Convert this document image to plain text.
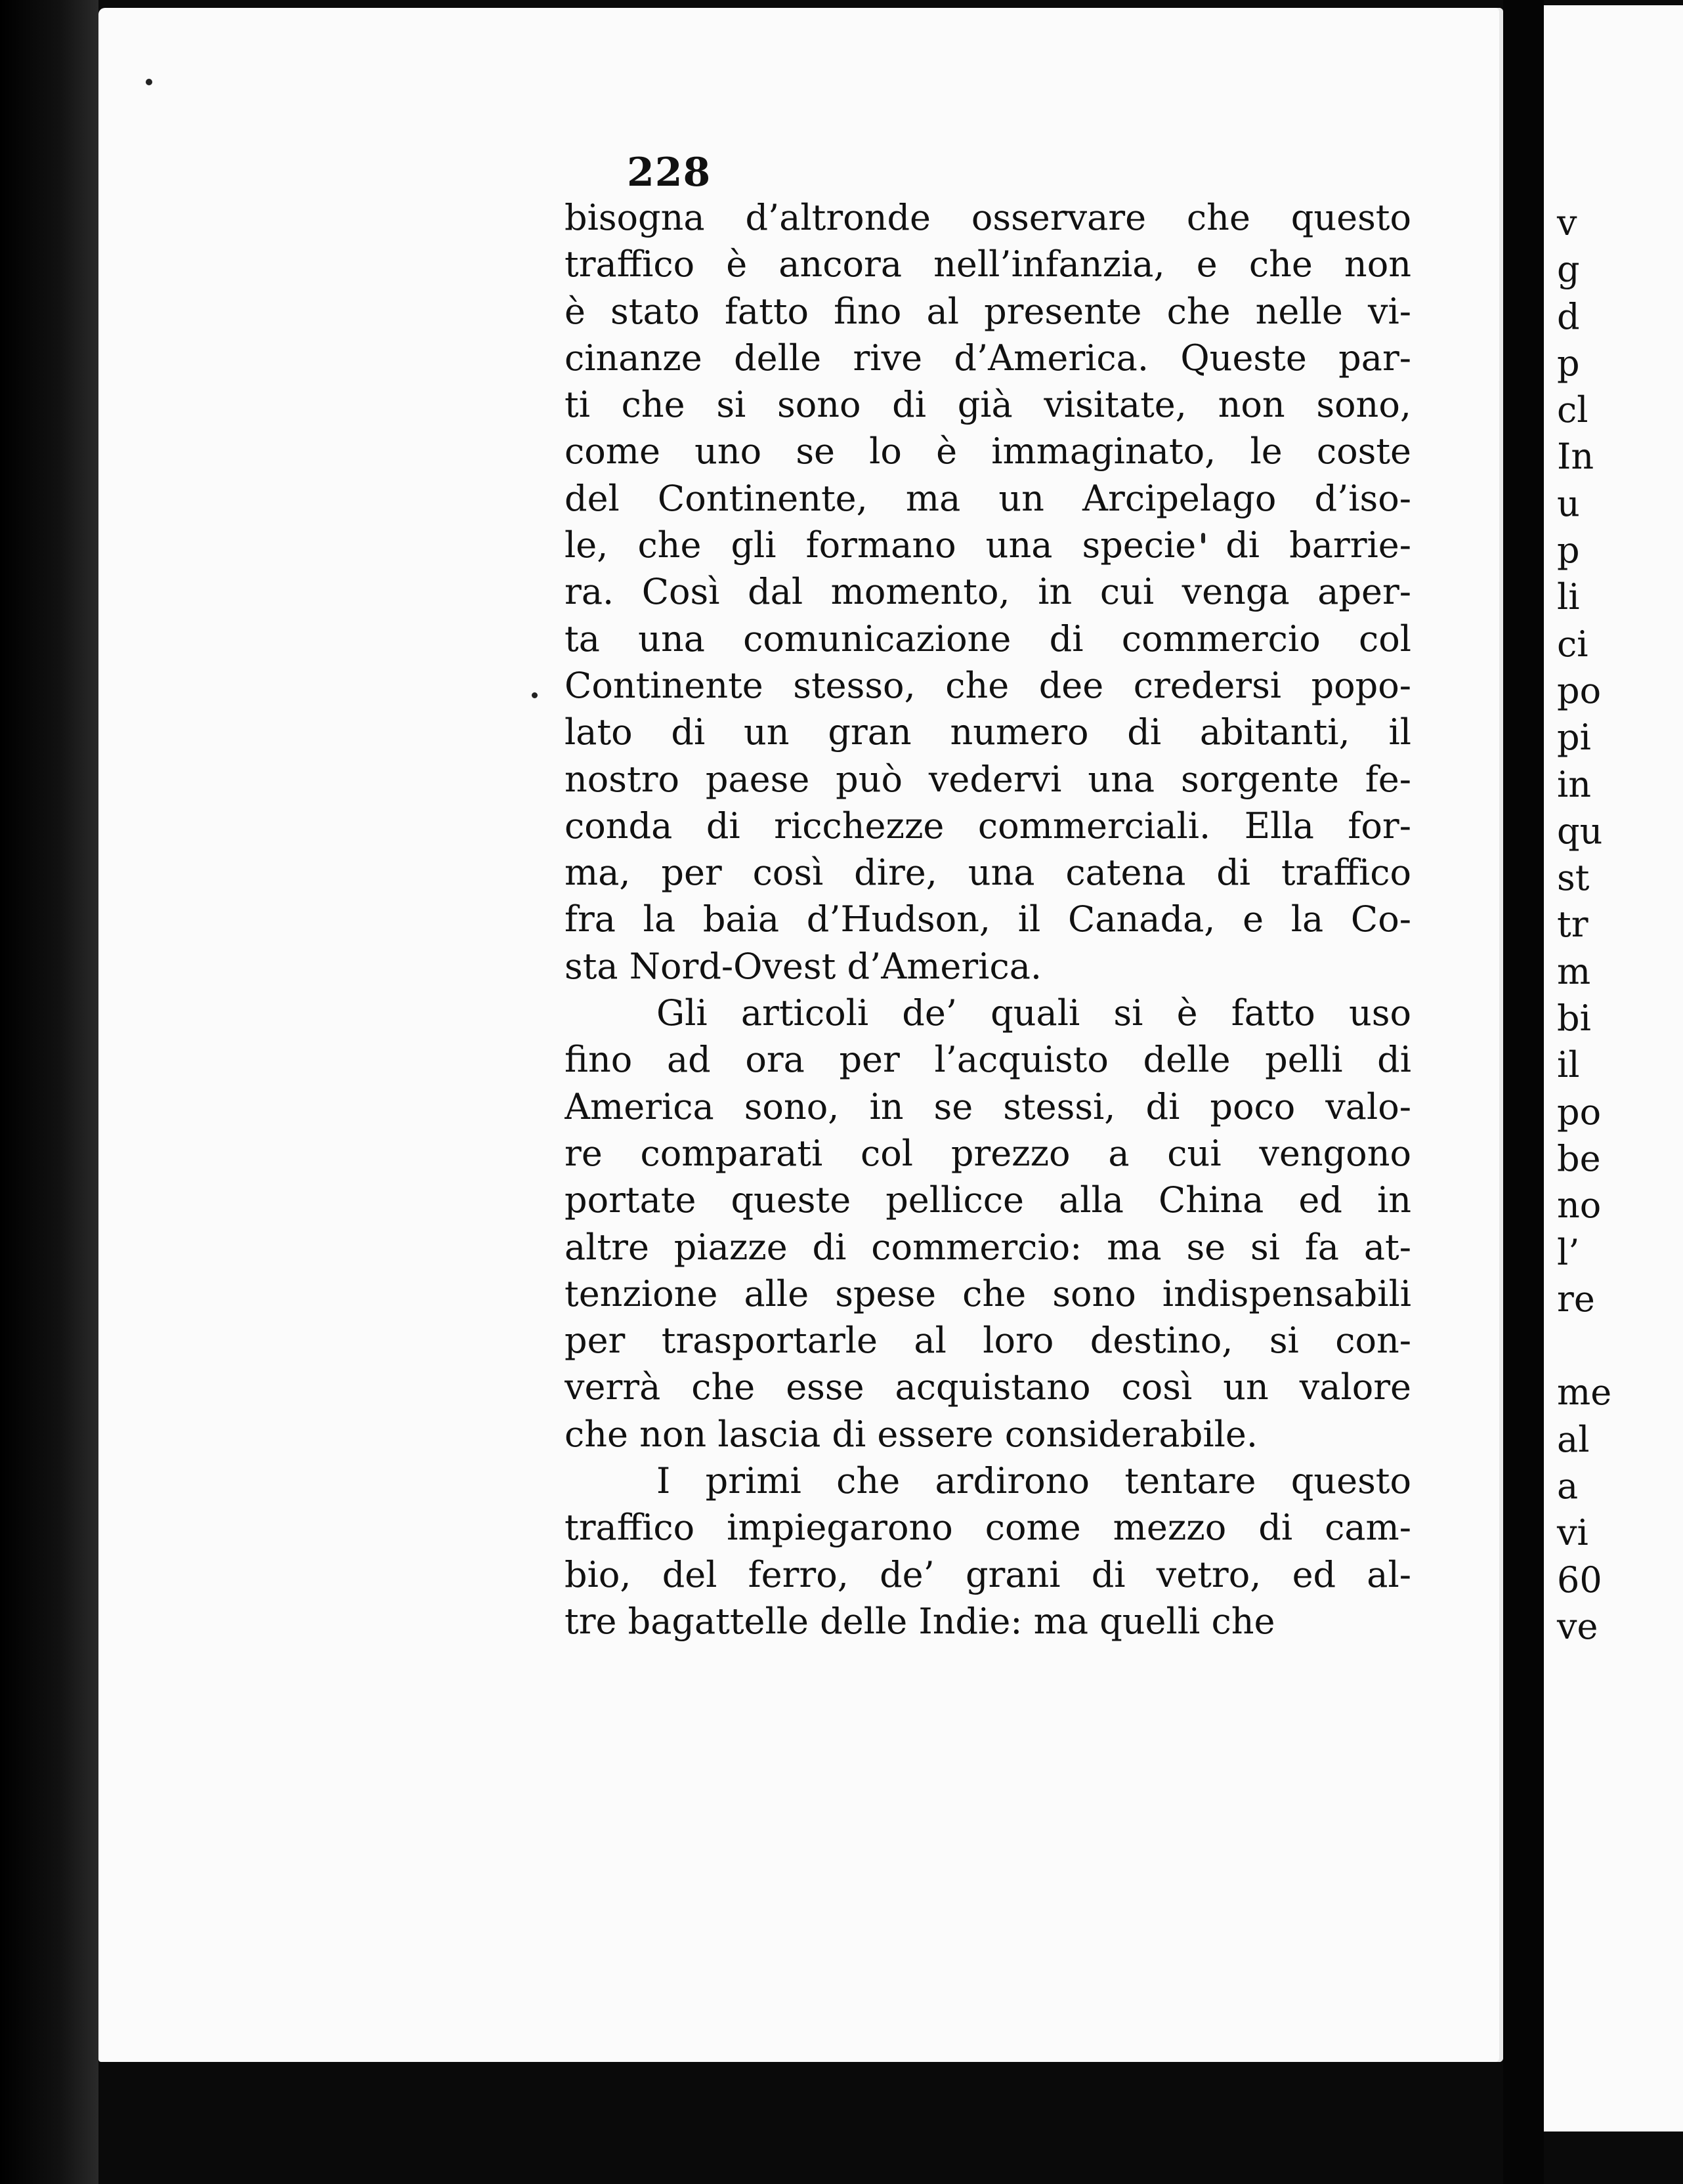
228
bisogna d’altronde osservare che questo
traffico è ancora nell’infanzia, e che non
è stato fatto fino al presente che nelle vi-
cinanze delle rive d’America. Queste par-
ti che si sono di già visitate, non sono,
come uno se lo è immaginato, le coste
del Continente, ma un Arcipelago d’iso-
le, che gli formano una specie di barrie-
ra. Così dal momento, in cui venga aper-
ta una comunicazione di commercio col
Continente stesso, che dee credersi popo-
lato di un gran numero di abitanti, il
nostro paese può vedervi una sorgente fe-
conda di ricchezze commerciali. Ella for-
ma, per così dire, una catena di traffico
fra la baia d’Hudson, il Canada, e la Co-
sta Nord-Ovest d’America.
Gli articoli de’ quali si è fatto uso
fino ad ora per l’acquisto delle pelli di
America sono, in se stessi, di poco valo-
re comparati col prezzo a cui vengono
portate queste pellicce alla China ed in
altre piazze di commercio: ma se si fa at-
tenzione alle spese che sono indispensabili
per trasportarle al loro destino, si con-
verrà che esse acquistano così un valore
che non lascia di essere considerabile.
I primi che ardirono tentare questo
traffico impiegarono come mezzo di cam-
bio, del ferro, de’ grani di vetro, ed al-
tre bagattelle delle Indie: ma quelli che
v
g
d
p
cl
In
u
p
li
ci
po
pi
in
qu
st
tr
m
bi
il
po
be
no
l’
re
me
al
a
vi
60
ve
